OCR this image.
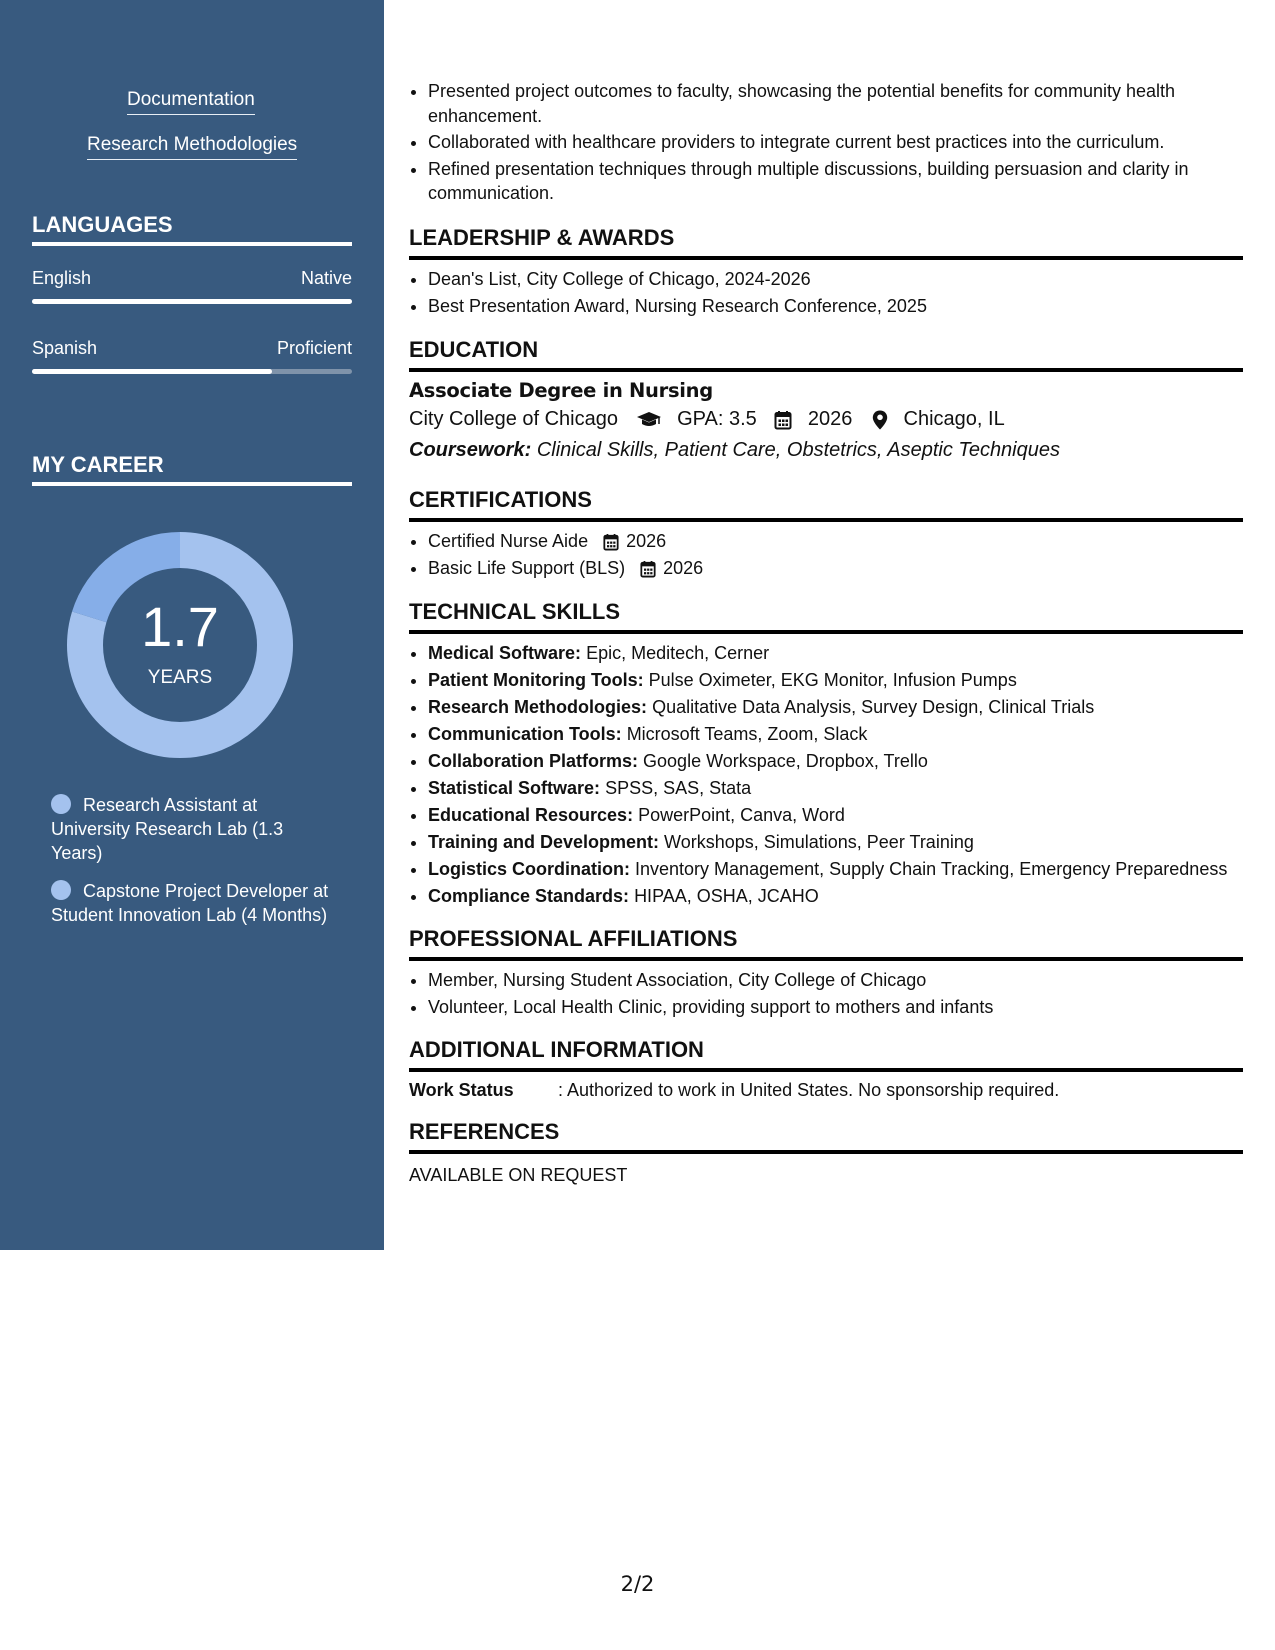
Documentation
Research Methodologies
LANGUAGES
English	Native
Spanish	Proficient
MY CAREER
1.7
YEARS
Research Assistant at University Research Lab (1.3 Years)
Capstone Project Developer at Student Innovation Lab (4 Months)
• Presented project outcomes to faculty, showcasing the potential benefits for community health enhancement.
• Collaborated with healthcare providers to integrate current best practices into the curriculum.
• Refined presentation techniques through multiple discussions, building persuasion and clarity in communication.
LEADERSHIP & AWARDS
• Dean's List, City College of Chicago, 2024-2026
• Best Presentation Award, Nursing Research Conference, 2025
EDUCATION
Associate Degree in Nursing
City College of Chicago	GPA: 3.5	2026	Chicago, IL
Coursework: Clinical Skills, Patient Care, Obstetrics, Aseptic Techniques
CERTIFICATIONS
• Certified Nurse Aide 2026
• Basic Life Support (BLS) 2026
TECHNICAL SKILLS
• Medical Software: Epic, Meditech, Cerner
• Patient Monitoring Tools: Pulse Oximeter, EKG Monitor, Infusion Pumps
• Research Methodologies: Qualitative Data Analysis, Survey Design, Clinical Trials
• Communication Tools: Microsoft Teams, Zoom, Slack
• Collaboration Platforms: Google Workspace, Dropbox, Trello
• Statistical Software: SPSS, SAS, Stata
• Educational Resources: PowerPoint, Canva, Word
• Training and Development: Workshops, Simulations, Peer Training
• Logistics Coordination: Inventory Management, Supply Chain Tracking, Emergency Preparedness
• Compliance Standards: HIPAA, OSHA, JCAHO
PROFESSIONAL AFFILIATIONS
• Member, Nursing Student Association, City College of Chicago
• Volunteer, Local Health Clinic, providing support to mothers and infants
ADDITIONAL INFORMATION
Work Status : Authorized to work in United States. No sponsorship required.
REFERENCES
AVAILABLE ON REQUEST
2/2
